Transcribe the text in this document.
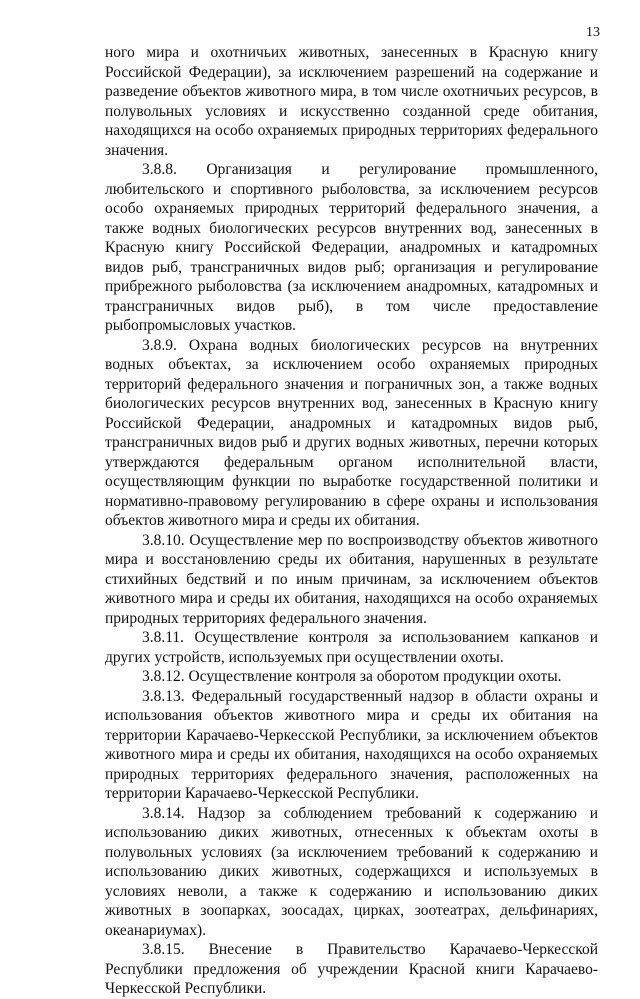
13

ного мира и охотничьих животных, занесенных в Красную книгу Российской Федерации), за исключением разрешений на содержание и разведение объектов животного мира, в том числе охотничьих ресурсов, в полувольных условиях и искусственно созданной среде обитания, находящихся на особо охраняемых природных территориях федерального значения.

3.8.8. Организация и регулирование промышленного, любительского и спортивного рыболовства, за исключением ресурсов особо охраняемых природных территорий федерального значения, а также водных биологических ресурсов внутренних вод, занесенных в Красную книгу Российской Федерации, анадромных и катадромных видов рыб, трансграничных видов рыб; организация и регулирование прибрежного рыболовства (за исключением анадромных, катадромных и трансграничных видов рыб), в том числе предоставление рыбопромысловых участков.

3.8.9. Охрана водных биологических ресурсов на внутренних водных объектах, за исключением особо охраняемых природных территорий федерального значения и пограничных зон, а также водных биологических ресурсов внутренних вод, занесенных в Красную книгу Российской Федерации, анадромных и катадромных видов рыб, трансграничных видов рыб и других водных животных, перечни которых утверждаются федеральным органом исполнительной власти, осуществляющим функции по выработке государственной политики и нормативно-правовому регулированию в сфере охраны и использования объектов животного мира и среды их обитания.

3.8.10. Осуществление мер по воспроизводству объектов животного мира и восстановлению среды их обитания, нарушенных в результате стихийных бедствий и по иным причинам, за исключением объектов животного мира и среды их обитания, находящихся на особо охраняемых природных территориях федерального значения.

3.8.11. Осуществление контроля за использованием капканов и других устройств, используемых при осуществлении охоты.

3.8.12. Осуществление контроля за оборотом продукции охоты.

3.8.13. Федеральный государственный надзор в области охраны и использования объектов животного мира и среды их обитания на территории Карачаево-Черкесской Республики, за исключением объектов животного мира и среды их обитания, находящихся на особо охраняемых природных территориях федерального значения, расположенных на территории Карачаево-Черкесской Республики.

3.8.14. Надзор за соблюдением требований к содержанию и использованию диких животных, отнесенных к объектам охоты в полувольных условиях (за исключением требований к содержанию и использованию диких животных, содержащихся и используемых в условиях неволи, а также к содержанию и использованию диких животных в зоопарках, зоосадах, цирках, зоотеатрах, дельфинариях, океанариумах).

3.8.15. Внесение в Правительство Карачаево-Черкесской Республики предложения об учреждении Красной книги Карачаево-Черкесской Республики.
